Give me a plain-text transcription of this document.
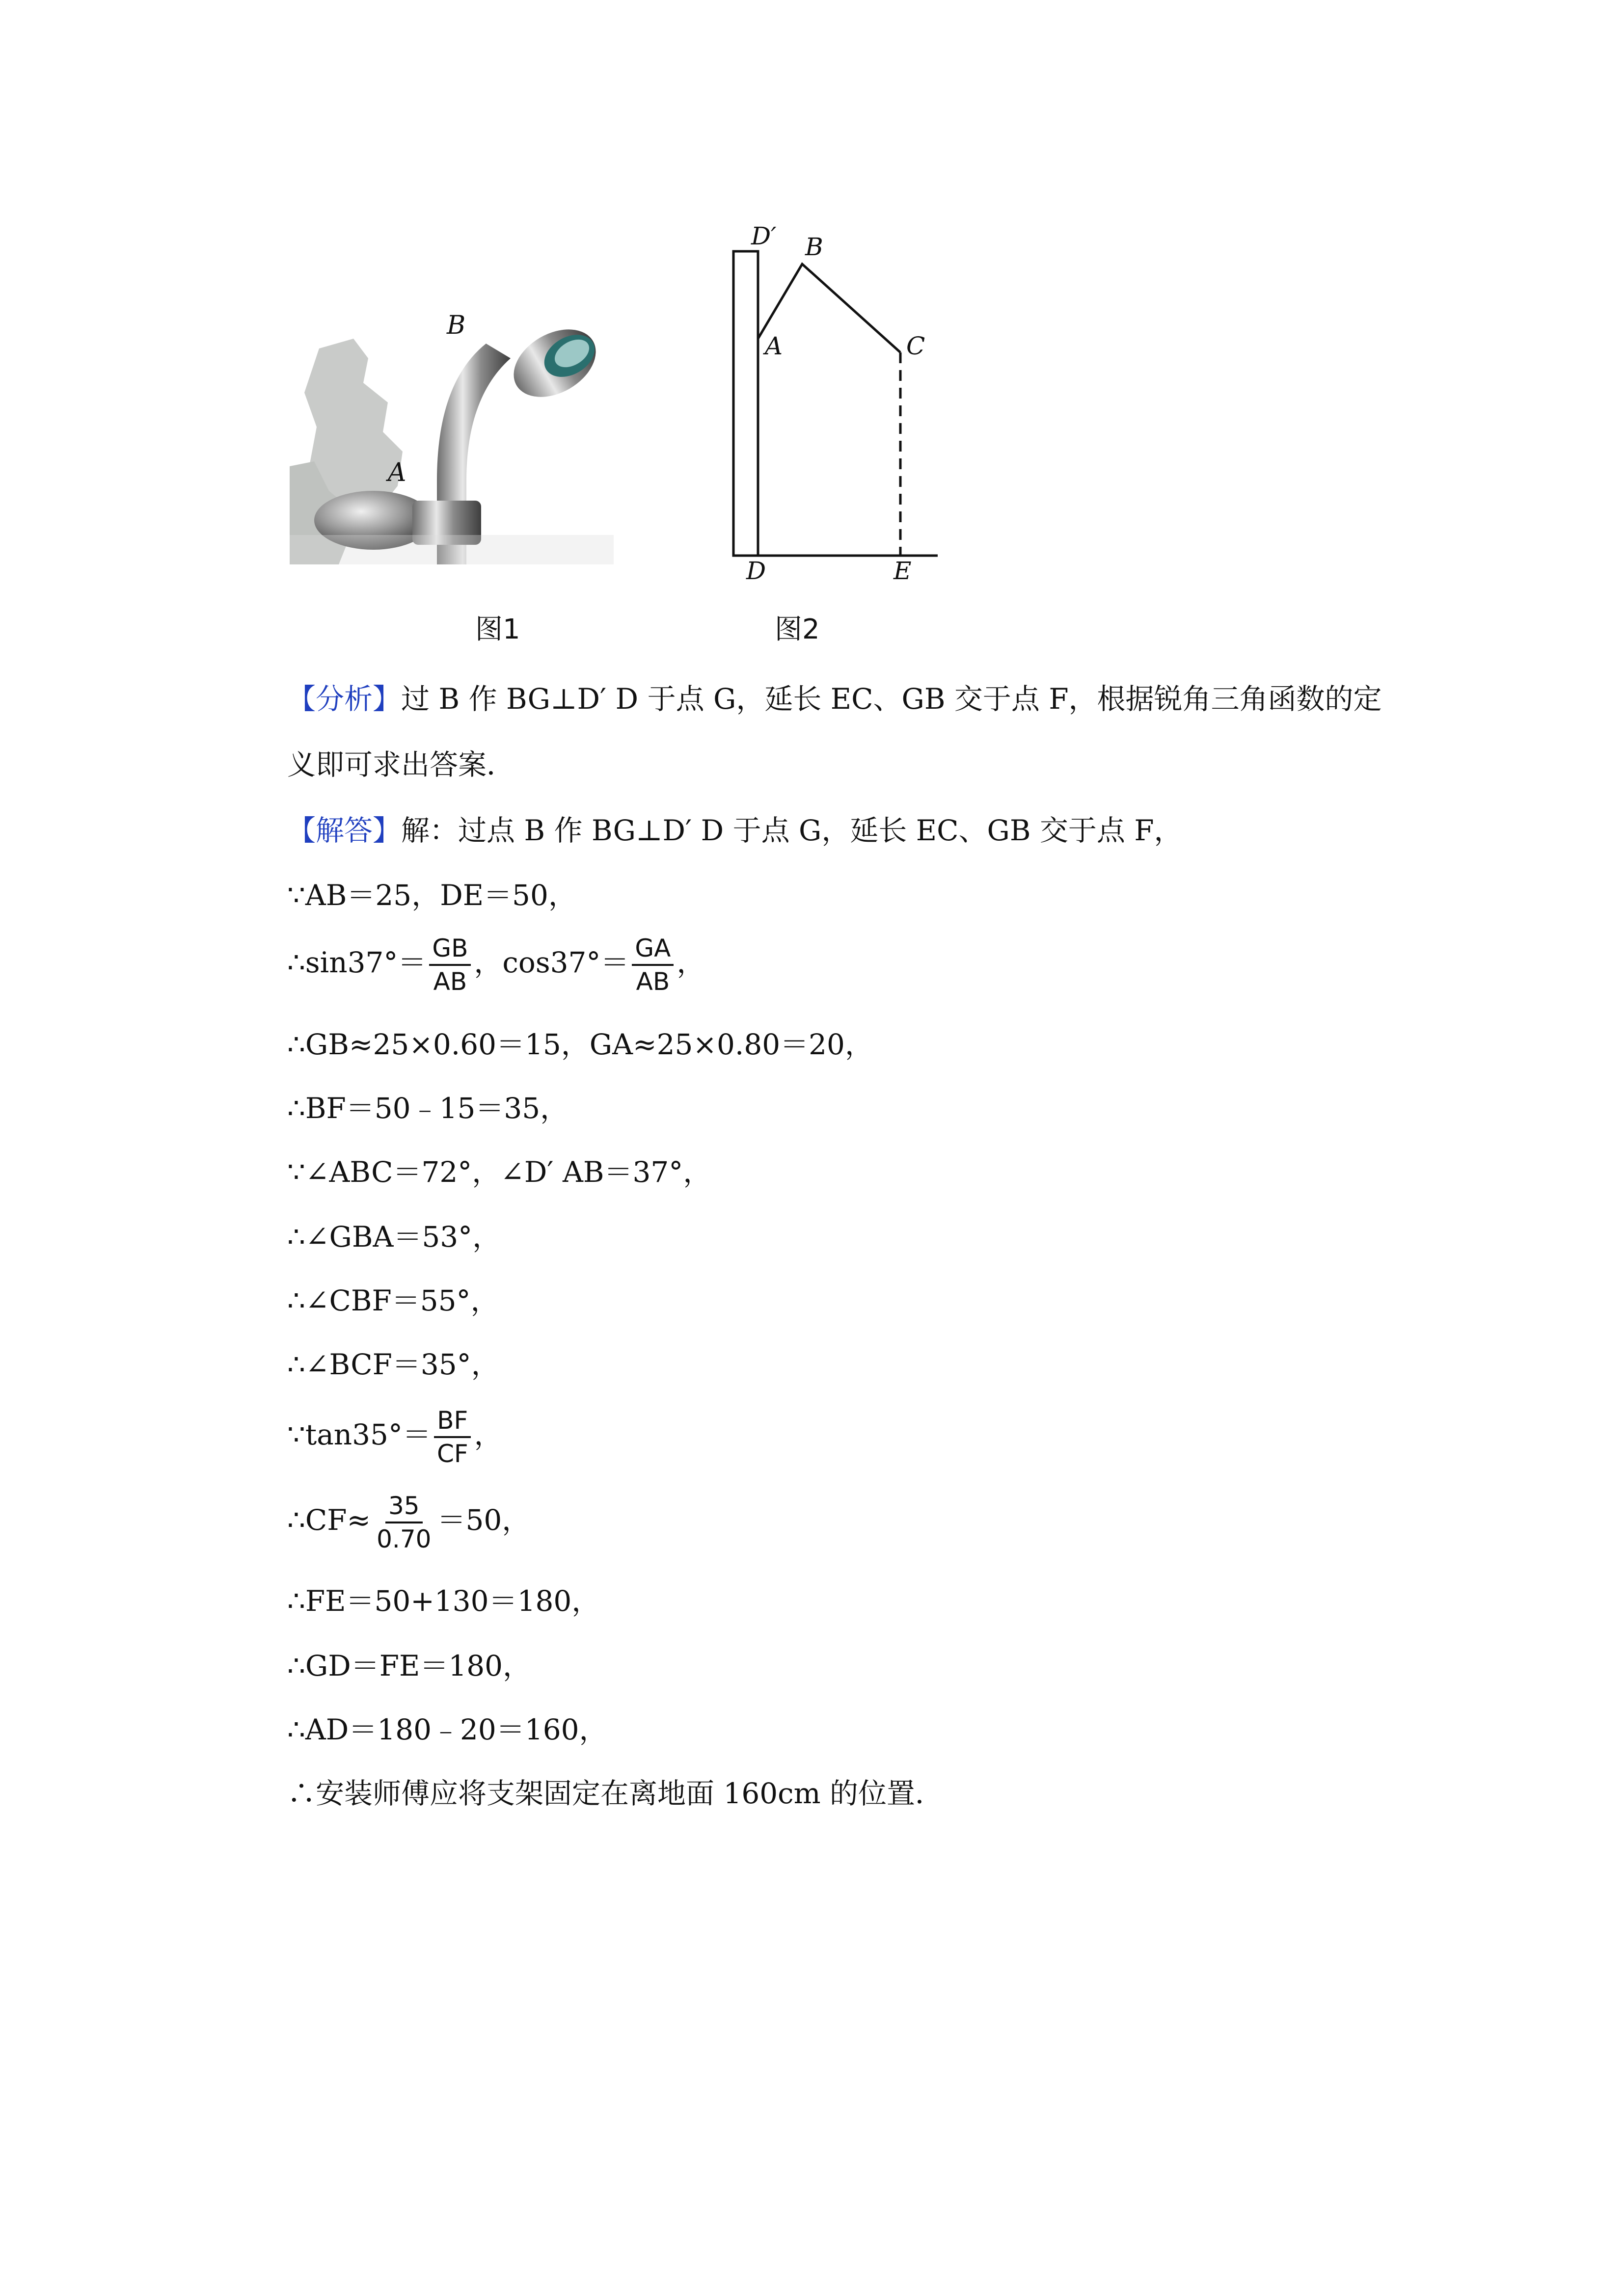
B
A
图1
D′ B
A	C
D	E
图2
【分析】过 B 作 BG⊥D′ D 于点 G，延长 EC、GB 交于点 F，根据锐角三角函数的定
义即可求出答案．
【解答】解：过点 B 作 BG⊥D′ D 于点 G，延长 EC、GB 交于点 F，
∵AB＝25，DE＝50，
∴sin37°＝ $\frac{GB}{AB}$ ，$\cos 37^\circ= \frac{GA}{AB}$ ，
∴GB≈25×0.60＝15，GA≈25×0.80＝20，
∴BF＝50﹣15＝35，
∵∠ABC＝72°，∠D′ AB＝37°，
∴∠GBA＝53°，
∴∠CBF＝55°，
∴∠BCF＝35°，
∵tan35°＝ $\frac{BF}{CF}$ ，
∴CF≈ $\frac{35}{0.70} =50$，
∴FE＝50+130＝180，
∴GD＝FE＝180，
∴AD＝180﹣20＝160，
∴安装师傅应将支架固定在离地面 160cm 的位置．
